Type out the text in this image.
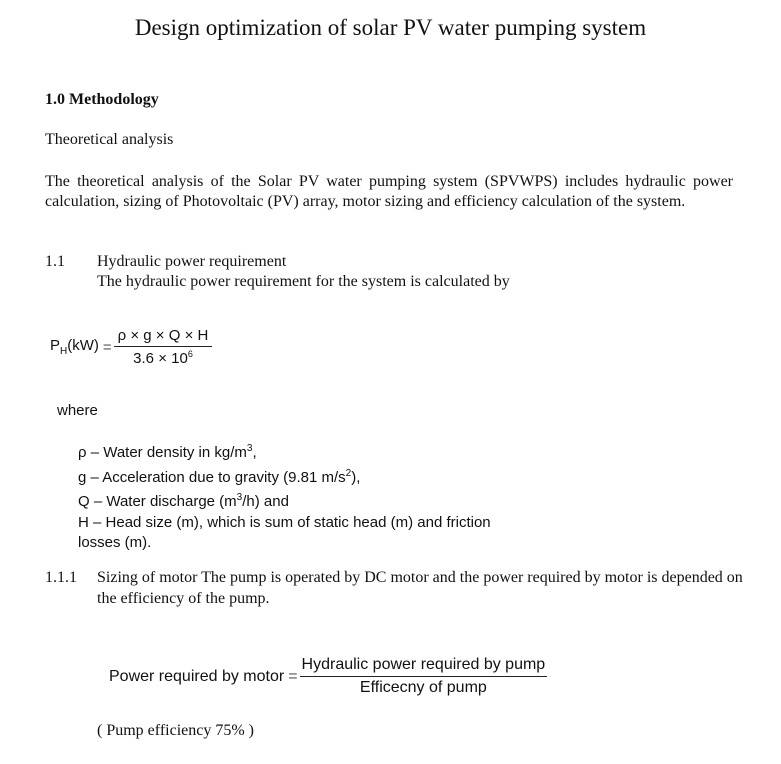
Design optimization of solar PV water pumping system
1.0 Methodology
Theoretical analysis
The theoretical analysis of the Solar PV water pumping system (SPVWPS) includes hydraulic power calculation, sizing of Photovoltaic (PV) array, motor sizing and efficiency calculation of the system.
1.1 Hydraulic power requirement
The hydraulic power requirement for the system is calculated by
$P_H(kW) = \frac{\rho \times g \times Q \times H}{3.6 \times 10^6}$
where
ρ – Water density in $kg/m^3$,
g – Acceleration due to gravity (9.81 $m/s^2$),
Q – Water discharge $(m^3/h)$ and
H – Head size (m), which is sum of static head (m) and friction
losses (m).
1.1.1 Sizing of motor The pump is operated by DC motor and the power required by motor is depended on the efficiency of the pump.
Power required by motor = $\frac{\text{Hydraulic power required by pump}}{\text{Efficecny of pump}}$
( Pump efficiency 75% )
